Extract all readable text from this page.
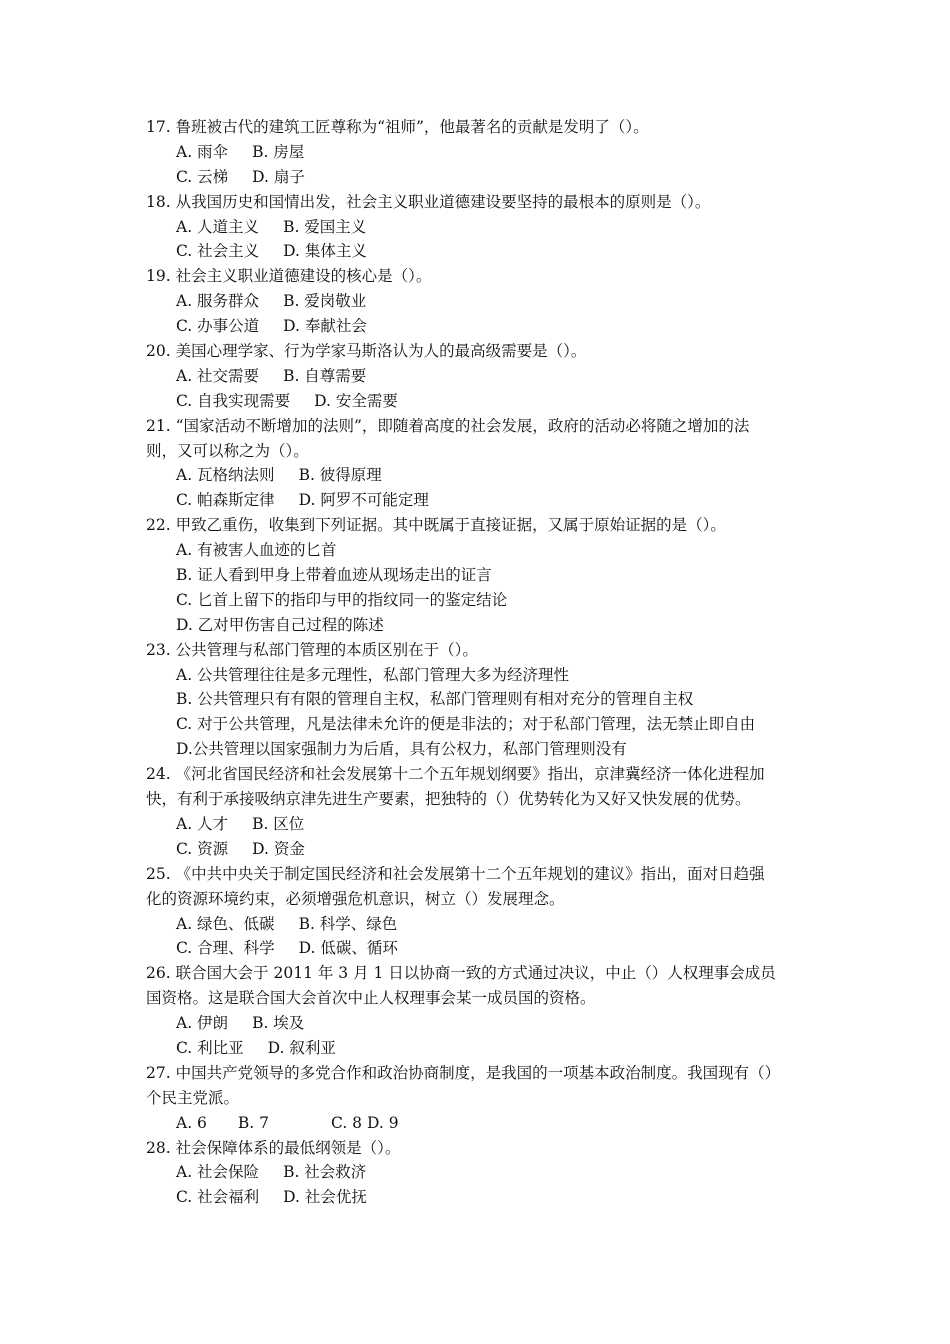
17. 鲁班被古代的建筑工匠尊称为“祖师”，他最著名的贡献是发明了（）。
A. 雨伞 B. 房屋
C. 云梯 D. 扇子
18. 从我国历史和国情出发，社会主义职业道德建设要坚持的最根本的原则是（）。
A. 人道主义 B. 爱国主义
C. 社会主义 D. 集体主义
19. 社会主义职业道德建设的核心是（）。
A. 服务群众 B. 爱岗敬业
C. 办事公道 D. 奉献社会
20. 美国心理学家、行为学家马斯洛认为人的最高级需要是（）。
A. 社交需要 B. 自尊需要
C. 自我实现需要 D. 安全需要
21. “国家活动不断增加的法则”，即随着高度的社会发展，政府的活动必将随之增加的法
则，又可以称之为（）。
A. 瓦格纳法则 B. 彼得原理
C. 帕森斯定律 D. 阿罗不可能定理
22. 甲致乙重伤，收集到下列证据。其中既属于直接证据，又属于原始证据的是（）。
A. 有被害人血迹的匕首
B. 证人看到甲身上带着血迹从现场走出的证言
C. 匕首上留下的指印与甲的指纹同一的鉴定结论
D. 乙对甲伤害自己过程的陈述
23. 公共管理与私部门管理的本质区别在于（）。
A. 公共管理往往是多元理性，私部门管理大多为经济理性
B. 公共管理只有有限的管理自主权，私部门管理则有相对充分的管理自主权
C. 对于公共管理，凡是法律未允许的便是非法的；对于私部门管理，法无禁止即自由
D.公共管理以国家强制力为后盾，具有公权力，私部门管理则没有
24. 《河北省国民经济和社会发展第十二个五年规划纲要》指出，京津冀经济一体化进程加
快，有利于承接吸纳京津先进生产要素，把独特的（）优势转化为又好又快发展的优势。
A. 人才 B. 区位
C. 资源 D. 资金
25. 《中共中央关于制定国民经济和社会发展第十二个五年规划的建议》指出，面对日趋强
化的资源环境约束，必须增强危机意识，树立（）发展理念。
A. 绿色、低碳 B. 科学、绿色
C. 合理、科学 D. 低碳、循环
26. 联合国大会于 2011 年 3 月 1 日以协商一致的方式通过决议，中止（）人权理事会成员
国资格。这是联合国大会首次中止人权理事会某一成员国的资格。
A. 伊朗 B. 埃及
C. 利比亚 D. 叙利亚
27. 中国共产党领导的多党合作和政治协商制度，是我国的一项基本政治制度。我国现有（）
个民主党派。
A. 6　　B. 7　　　　C. 8 D. 9
28. 社会保障体系的最低纲领是（）。
A. 社会保险 B. 社会救济
C. 社会福利 D. 社会优抚
